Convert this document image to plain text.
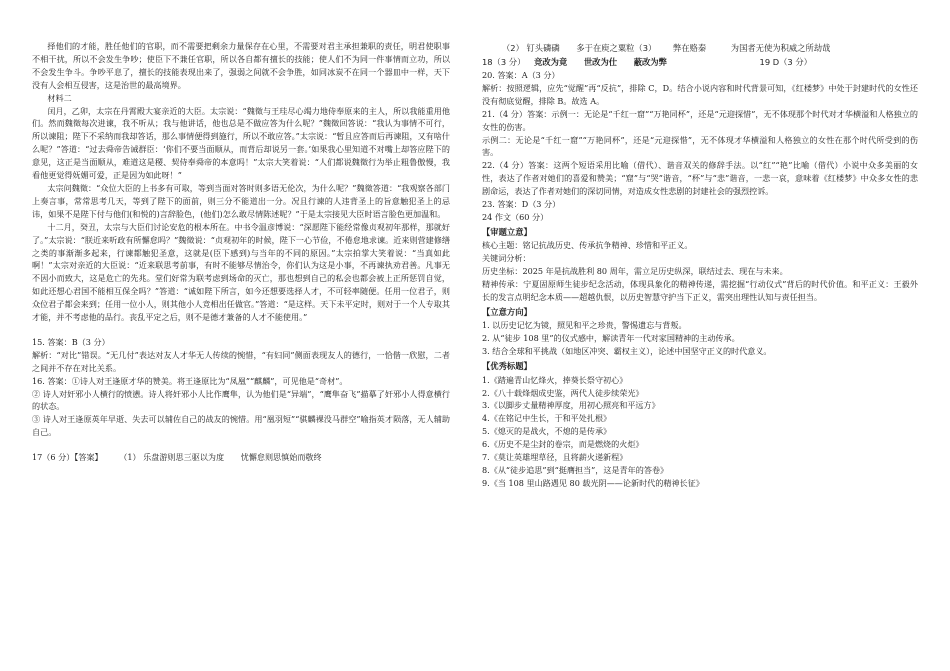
择他们的才能，胜任他们的官职，而不需要把剩余力量保存在心里，不需要对君主承担兼职的责任，明君使职事不相干扰，所以不会发生争吵；使臣下不兼任官职，所以各自都有擅长的技能；使人们不为同一件事情而立功，所以不会发生争斗。争吵平息了，擅长的技能表现出来了，强弱之间就不会争胜，如同冰炭不在同一个器皿中一样，天下没有人会相互侵害，这是治世的最高境界。

材料二

闰月，乙卯，太宗在丹霄殿大宴亲近的大臣。太宗说：“魏徵与王珪尽心竭力地侍奉原来的主人，所以我能重用他们。然而魏徵每次进谏，我不听从；我与他讲话，他也总是不做应答为什么呢？”魏徵回答说：“我认为事情不可行，所以谏阻；陛下不采纳而我却答话，那么事情便得到施行，所以不敢应答。”太宗说：“暂且应答而后再谏阻，又有啥什么呢？”答道：“过去舜帝告诫群臣：‘你们不要当面顺从，而背后却说另一套。’如果我心里知道不对嘴上却答应陛下的意见，这正是当面顺从，难道这是稷、契侍奉舜帝的本意吗！”太宗大笑着说：“人们都说魏徵行为举止粗鲁傲慢，我看他更觉得妩媚可爱，正是因为如此呀！”

太宗问魏徵：“众位大臣的上书多有可取，等到当面对答时则多语无伦次，为什么呢？”魏徵答道：“我观察各部门上奏言事，常常思考几天，等到了陛下的面前，则三分不能道出一分。况且行谏的人违背圣上的旨意触犯圣上的忌讳，如果不是陛下付与他们(和悦的)言辞脸色，(他们)怎么敢尽情陈述呢？”于是太宗接见大臣时语言脸色更加温和。

十二月，癸丑，太宗与大臣们讨论安危的根本所在。中书令温彦博说：“深愿陛下能经常像贞观初年那样，那就好了。”太宗说：“朕近来听政有所懈怠吗？”魏徵说：“贞观初年的时候，陛下一心节俭，不倦怠地求谏。近来则营建修缮之类的事渐渐多起来，行谏都触犯圣意，这就是(臣下感到)与当年的不同的原因。”太宗拍掌大笑着说：“当真如此啊！”太宗对亲近的大臣说：“近来联思考前事，有时不能够尽情治令，你们认为这是小事，不再谏执劝君善。凡事无不因小而致大，这是危亡的先兆。堂们好常为联考虑到场命的灭亡，那也想到自己的私会也都会被上正所惩罚自觉，如此还想心君国不能相互保全吗？”答道：“诚如陛下所言，如今还想要选择人才，不可轻率随便。任用一位君子，则众位君子都会来到；任用一位小人，则其他小人竞相出任做官。”答道：“是这样。天下未平定时，则对于一个人专取其才能，并不考虑他的品行。丧乱平定之后，则不是德才兼备的人才不能使用。”

15. 答案：B（3 分）

解析：“对比”错误。“无几付”表达对友人才华无人传续的惋惜，“有妇同”侧面表现友人的德行，一恰偕一欣慰，二者之间并不存在对比关系。

16. 答案：①诗人对王逢原才华的赞美。将王逢原比为“凤凰”“麒麟”，可见他是“奇材”。

② 诗人对奸邪小人横行的愤懑。诗人将奸邪小人比作鹰隼，认为他们是“异端”，“鹰隼奋飞”描摹了奸邪小人得意横行的状态。

③ 诗人对王逢原英年早逝、失去可以辅佐自己的战友的惋惜。用“凰羽短”“骐麟裸没马群空”喻指英才陨落，无人辅助自己。

17（6 分）【答案】 （1） 乐盘游则思三驱以为度 忧懈怠则思慎始而敬终

（2） 钉头磷磷 多于在庾之粟粒（3） 弊在赂秦	为国者无使为积威之所劫哉

18（3 分） 竞改为竟 世改为仕 蔽改为弊	19 D（3 分）

20. 答案：A（3 分）

解析：按照逻辑，应先“觉醒”再“反抗”，排除 C，D。结合小说内容和时代背景可知，《红楼梦》中处于封建时代的女性还没有彻底觉醒，排除 B。故选 A。

21.（4 分）答案：示例一：无论是“千红一窟”“万艳同杯”，还是“元迎探惜”，无不体现那个时代对才华横溢和人格独立的女性的伤害。

示例二：无论是“千红一窟”“万艳同杯”，还是“元迎探惜”，无不体现才华横溢和人格独立的女性在那个时代所受到的伤害。

22.（4 分）答案：这两个短语采用比喻（借代）、谐音双关的修辞手法。以“红”“艳”比喻（借代）小说中众多美丽的女性，表达了作者对她们的喜爱和赞美；“窟”与“哭”谐音，“杯”与“悲”谐音，一悲一哀，意味着《红楼梦》中众多女性的悲剧命运，表达了作者对她们的深切同情，对造成女性悲剧的封建社会的强烈控诉。

23. 答案：D（3 分）

24 作文（60 分）

【审题立意】

核心主题：铭记抗战历史、传承抗争精神、珍惜和平正义。

关键词分析：

历史坐标：2025 年是抗战胜利 80 周年，需立足历史纵深，联结过去、现在与未来。

精神传承：宁夏固原师生徒步纪念活动，体现具象化的精神传递，需挖掘“行动仪式”背后的时代价值。和平正义：王毅外长的发言点明纪念本质——超越仇恨，以历史智慧守护当下正义，需突出理性认知与责任担当。

【立意方向】

1. 以历史记忆为镜，照见和平之珍贵，警惕遗忘与背叛。

2. 从“徒步 108 里”的仪式感中，解读青年一代对家国精神的主动传承。

3. 结合全球和平挑战（如地区冲突、霸权主义），论述中国坚守正义的时代意义。

【优秀标题】

1.《踏遍青山忆烽火，捧葵长祭守初心》

2.《八十载烽烟成史鉴，两代人徒步续荣光》

3.《以脚步丈量精神厚度，用初心照亮和平远方》

4.《在铭记中生长，于和平处扎根》

5.《熄灭的是战火，不熄的是传承》

6.《历史不是尘封的卷宗，而是燃烧的火炬》

7.《莫让英雄埋草径，且将薪火递新程》

8.《从“徒步追思”到“挺膺担当”，这是青年的答卷》

9.《当 108 里山路遇见 80 载光阴——论新时代的精神长征》
